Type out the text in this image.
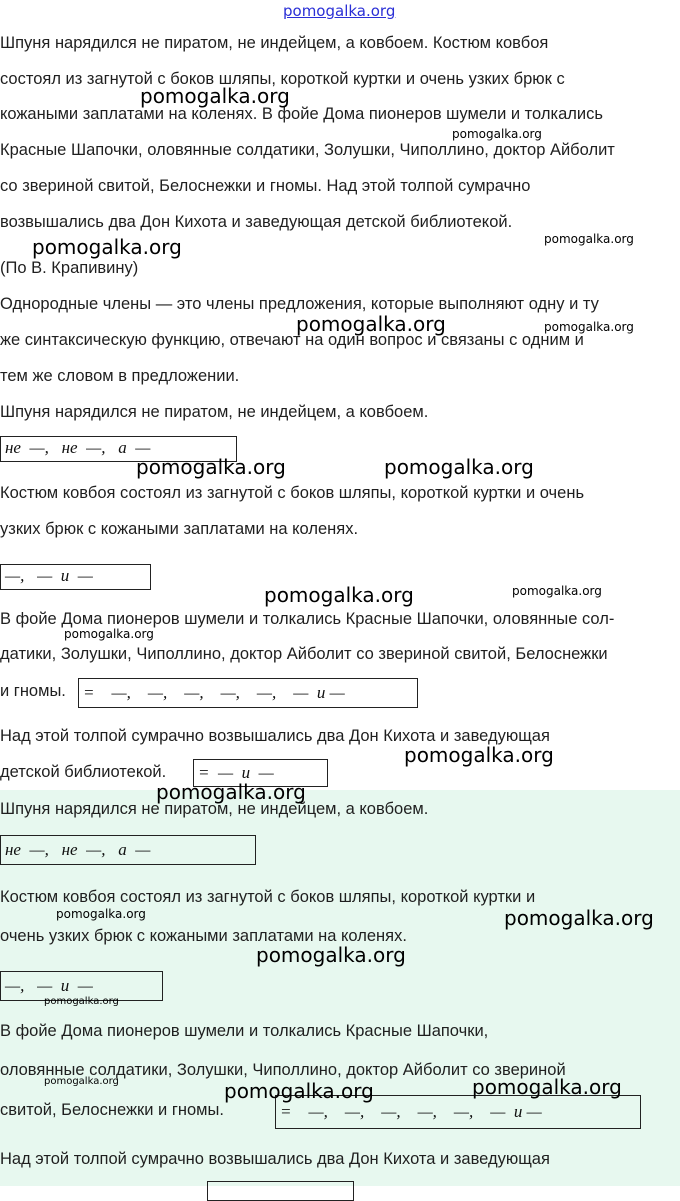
pomogalka.org

Шпуня нарядился не пиратом, не индейцем, а ковбоем. Костюм ковбоя

состоял из загнутой с боков шляпы, короткой куртки и очень узких брюк с

кожаными заплатами на коленях. В фойе Дома пионеров шумели и толкались

Красные Шапочки, оловянные солдатики, Золушки, Чиполлино, доктор Айболит

со звериной свитой, Белоснежки и гномы. Над этой толпой сумрачно

возвышались два Дон Кихота и заведующая детской библиотекой.

(По В. Крапивину)

Однородные члены — это члены предложения, которые выполняют одну и ту

же синтаксическую функцию, отвечают на один вопрос и связаны с одним и

тем же словом в предложении.

Шпуня нарядился не пиратом, не индейцем, а ковбоем.

Костюм ковбоя состоял из загнутой с боков шляпы, короткой куртки и очень

узких брюк с кожаными заплатами на коленях.

В фойе Дома пионеров шумели и толкались Красные Шапочки, оловянные сол-

датики, Золушки, Чиполлино, доктор Айболит со звериной свитой, Белоснежки

и гномы.

Над этой толпой сумрачно возвышались два Дон Кихота и заведующая

детской библиотекой.

Шпуня нарядился не пиратом, не индейцем, а ковбоем.

Костюм ковбоя состоял из загнутой с боков шляпы, короткой куртки и

очень узких брюк с кожаными заплатами на коленях.

В фойе Дома пионеров шумели и толкались Красные Шапочки,

оловянные солдатики, Золушки, Чиполлино, доктор Айболит со звериной

свитой, Белоснежки и гномы.

Над этой толпой сумрачно возвышались два Дон Кихота и заведующая

не  —,   не  —,   а  —
—,   —  и  —
=    —,    —,    —,    —,    —,    —  и —
=  —  и  —
не  —,   не  —,   а  —
—,   —  и  —
=    —,    —,    —,    —,    —,    —  и —
pomogalka.org
pomogalka.org
pomogalka.org	pomogalka.org
pomogalka.org	pomogalka.org
pomogalka.org	pomogalka.org
pomogalka.org	pomogalka.org
pomogalka.org
pomogalka.org
pomogalka.org
pomogalka.org	pomogalka.org
pomogalka.org
pomogalka.org
pomogalka.org	pomogalka.org	pomogalka.org
